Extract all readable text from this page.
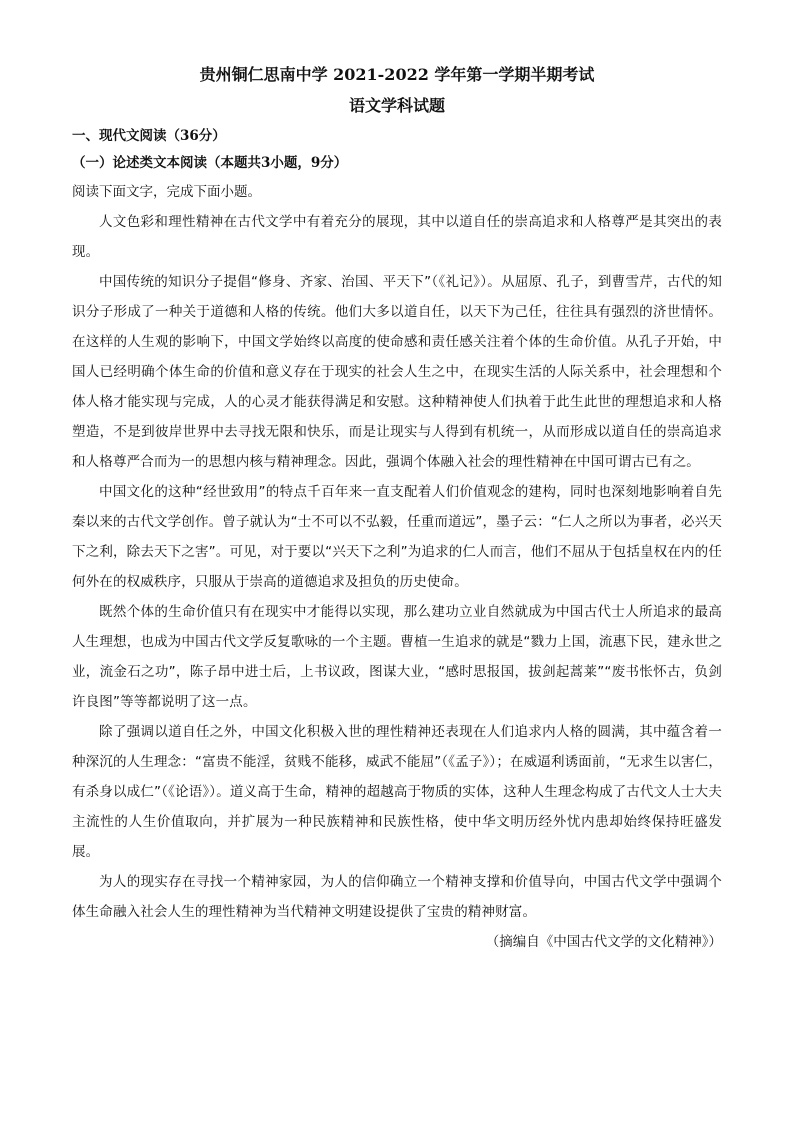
贵州铜仁思南中学 2021-2022 学年第一学期半期考试

语文学科试题

一、现代文阅读（36分）

（一）论述类文本阅读（本题共3小题，9分）

阅读下面文字，完成下面小题。

人文色彩和理性精神在古代文学中有着充分的展现，其中以道自任的崇高追求和人格尊严是其突出的表现。

中国传统的知识分子提倡“修身、齐家、治国、平天下”（《礼记》）。从屈原、孔子，到曹雪芹，古代的知识分子形成了一种关于道德和人格的传统。他们大多以道自任，以天下为己任，往往具有强烈的济世情怀。在这样的人生观的影响下，中国文学始终以高度的使命感和责任感关注着个体的生命价值。从孔子开始，中国人已经明确个体生命的价值和意义存在于现实的社会人生之中，在现实生活的人际关系中，社会理想和个体人格才能实现与完成，人的心灵才能获得满足和安慰。这种精神使人们执着于此生此世的理想追求和人格塑造，不是到彼岸世界中去寻找无限和快乐，而是让现实与人得到有机统一，从而形成以道自任的崇高追求和人格尊严合而为一的思想内核与精神理念。因此，强调个体融入社会的理性精神在中国可谓古已有之。

中国文化的这种“经世致用”的特点千百年来一直支配着人们价值观念的建构，同时也深刻地影响着自先秦以来的古代文学创作。曾子就认为“士不可以不弘毅，任重而道远”，墨子云：“仁人之所以为事者，必兴天下之利，除去天下之害”。可见，对于要以“兴天下之利”为追求的仁人而言，他们不屈从于包括皇权在内的任何外在的权威秩序，只服从于崇高的道德追求及担负的历史使命。

既然个体的生命价值只有在现实中才能得以实现，那么建功立业自然就成为中国古代士人所追求的最高人生理想，也成为中国古代文学反复歌咏的一个主题。曹植一生追求的就是“戮力上国，流惠下民，建永世之业，流金石之功”，陈子昂中进士后，上书议政，图谋大业，“感时思报国，拔剑起蒿莱”“废书怅怀古，负剑许良图”等等都说明了这一点。

除了强调以道自任之外，中国文化积极入世的理性精神还表现在人们追求内人格的圆满，其中蕴含着一种深沉的人生理念：“富贵不能淫，贫贱不能移，威武不能屈”（《孟子》）；在威逼利诱面前，“无求生以害仁，有杀身以成仁”（《论语》）。道义高于生命，精神的超越高于物质的实体，这种人生理念构成了古代文人士大夫主流性的人生价值取向，并扩展为一种民族精神和民族性格，使中华文明历经外忧内患却始终保持旺盛发展。

为人的现实存在寻找一个精神家园，为人的信仰确立一个精神支撑和价值导向，中国古代文学中强调个体生命融入社会人生的理性精神为当代精神文明建设提供了宝贵的精神财富。

（摘编自《中国古代文学的文化精神》）
